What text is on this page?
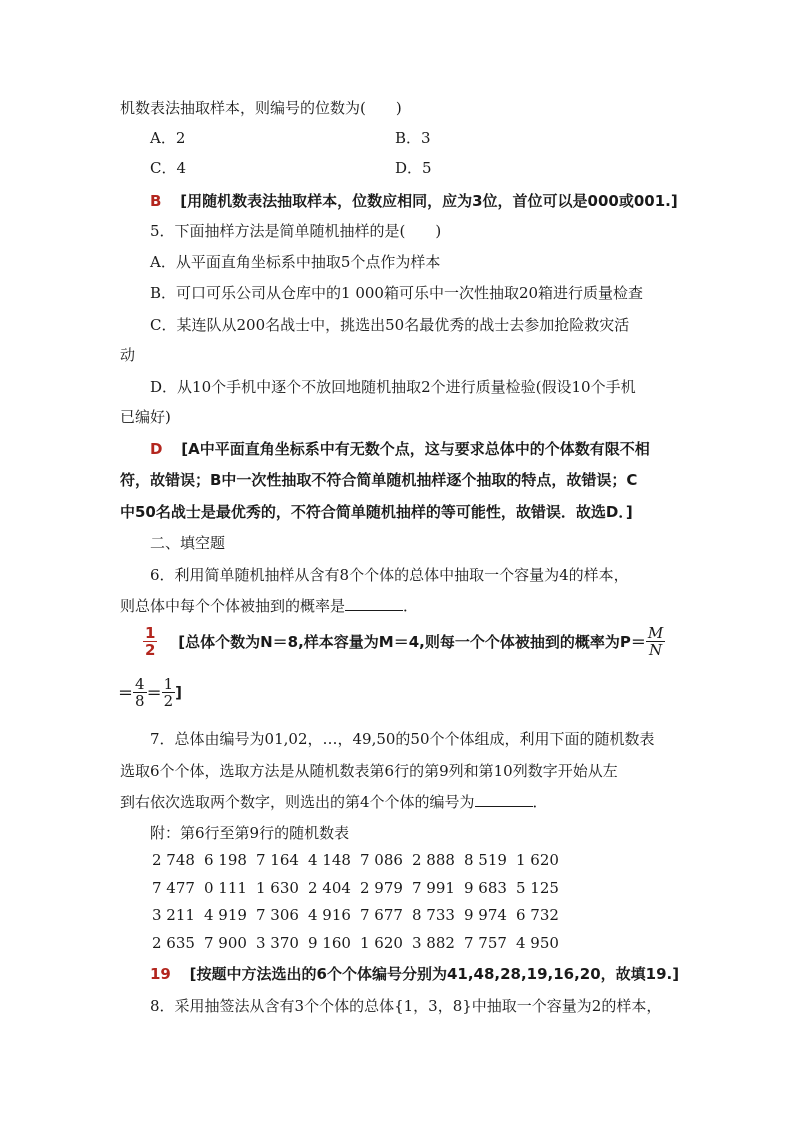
机数表法抽取样本，则编号的位数为(　　)
A．2	B．3
C．4	D．5
B [用随机数表法抽取样本，位数应相同，应为3位，首位可以是000或001.]
5．下面抽样方法是简单随机抽样的是(　　)
A．从平面直角坐标系中抽取5个点作为样本
B．可口可乐公司从仓库中的1 000箱可乐中一次性抽取20箱进行质量检查
C．某连队从200名战士中，挑选出50名最优秀的战士去参加抢险救灾活
动
D．从10个手机中逐个不放回地随机抽取2个进行质量检验(假设10个手机
已编好)
D [A中平面直角坐标系中有无数个点，这与要求总体中的个体数有限不相
符，故错误；B中一次性抽取不符合简单随机抽样逐个抽取的特点，故错误；C
中50名战士是最优秀的，不符合简单随机抽样的等可能性，故错误．故选D．]
二、填空题
6．利用简单随机抽样从含有8个个体的总体中抽取一个容量为4的样本，
则总体中每个个体被抽到的概率是	．
$\frac{1}{2}$ [总体个数为N＝8,样本容量为M＝4,则每一个个体被抽到的概率为$P= \frac{M}{N}$
＝ $\frac{4}{8} = \frac{1}{2}$ ]
7．总体由编号为01,02，…，49,50的50个个体组成，利用下面的随机数表
选取6个个体，选取方法是从随机数表第6行的第9列和第10列数字开始从左
到右依次选取两个数字，则选出的第4个个体的编号为	．
附：第6行至第9行的随机数表
2 748 6 198 7 164 4 148 7 086 2 888 8 519 1 620
7 477 0 111 1 630 2 404 2 979 7 991 9 683 5 125
3 211 4 919 7 306 4 916 7 677 8 733 9 974 6 732
2 635 7 900 3 370 9 160 1 620 3 882 7 757 4 950
19 [按题中方法选出的6个个体编号分别为41,48,28,19,16,20，故填19.]
8．采用抽签法从含有3个个体的总体{1，3，8}中抽取一个容量为2的样本，
